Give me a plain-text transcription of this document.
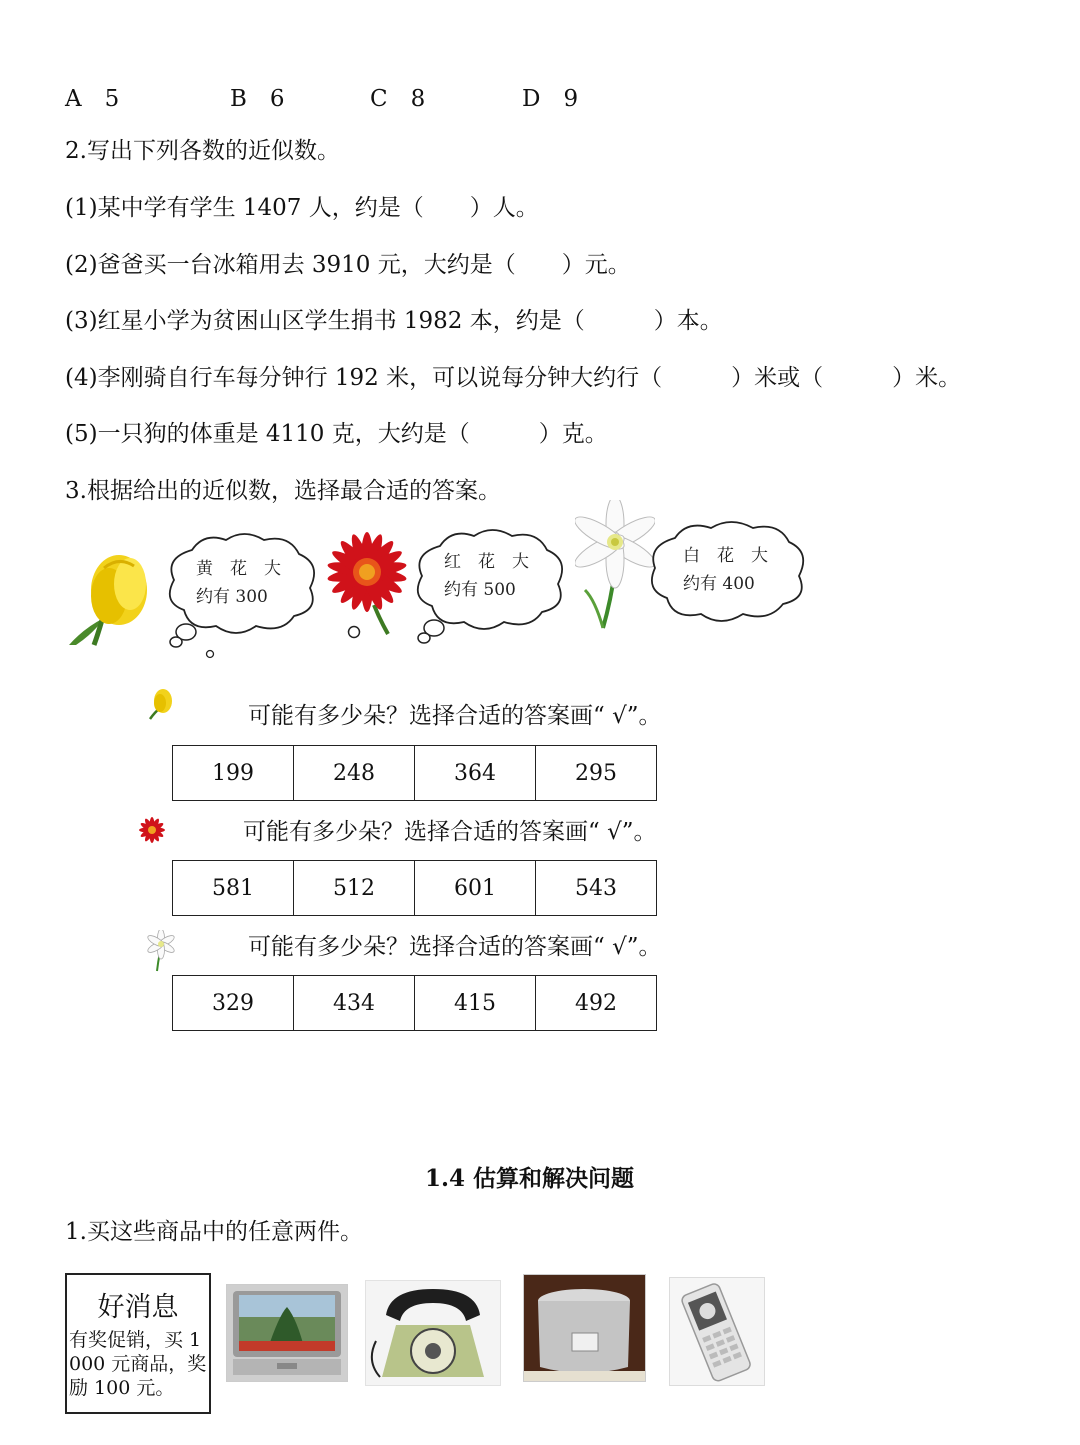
A　5	B　6	C　8	D　9
2.写出下列各数的近似数。
(1)某中学有学生 1407 人，约是（　　）人。
(2)爸爸买一台冰箱用去 3910 元，大约是（　　）元。
(3)红星小学为贫困山区学生捐书 1982 本，约是（　　　）本。
(4)李刚骑自行车每分钟行 192 米，可以说每分钟大约行（　　　）米或（　　　）米。
(5)一只狗的体重是 4110 克，大约是（　　　）克。
3.根据给出的近似数，选择最合适的答案。
黄　花　大
约有 300
红　花　大
约有 500
白　花　大
约有 400
可能有多少朵？选择合适的答案画“ √”。
199	248	364	295
可能有多少朵？选择合适的答案画“ √”。
581	512	601	543
可能有多少朵？选择合适的答案画“ √”。
329	434	415	492
1.4 估算和解决问题
1.买这些商品中的任意两件。
好消息
有奖促销，买 1000 元商品，奖励 100 元。
